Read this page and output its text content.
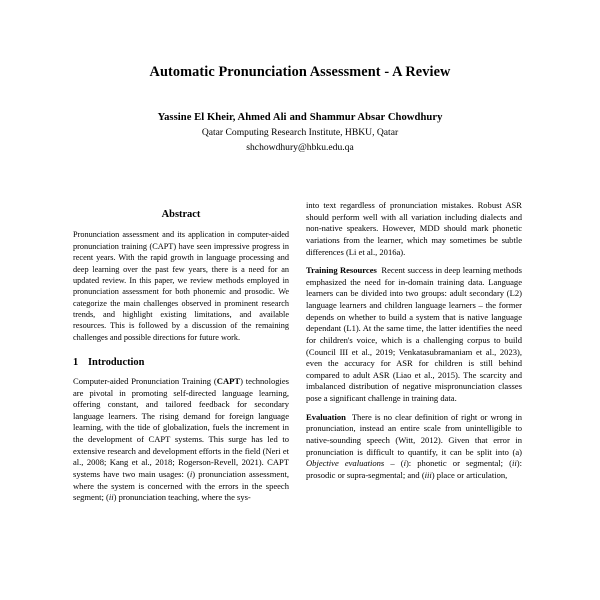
Automatic Pronunciation Assessment - A Review

Yassine El Kheir, Ahmed Ali and Shammur Absar Chowdhury

Qatar Computing Research Institute, HBKU, Qatar

shchowdhury@hbku.edu.qa

Abstract

Pronunciation assessment and its application in computer-aided pronunciation training (CAPT) have seen impressive progress in recent years. With the rapid growth in language processing and deep learning over the past few years, there is a need for an updated review. In this paper, we review methods employed in pronunciation assessment for both phonemic and prosodic. We categorize the main challenges observed in prominent research trends, and highlight existing limitations, and available resources. This is followed by a discussion of the remaining challenges and possible directions for future work.

1 Introduction

Computer-aided Pronunciation Training (CAPT) technologies are pivotal in promoting self-directed language learning, offering constant, and tailored feedback for secondary language learners. The rising demand for foreign language learning, with the tide of globalization, fuels the increment in the development of CAPT systems. This surge has led to extensive research and development efforts in the field (Neri et al., 2008; Kang et al., 2018; Rogerson-Revell, 2021). CAPT systems have two main usages: (i) pronunciation assessment, where the system is concerned with the errors in the speech segment; (ii) pronunciation teaching, where the sys-

into text regardless of pronunciation mistakes. Robust ASR should perform well with all variation including dialects and non-native speakers. However, MDD should mark phonetic variations from the learner, which may sometimes be subtle differences (Li et al., 2016a).

Training Resources Recent success in deep learning methods emphasized the need for in-domain training data. Language learners can be divided into two groups: adult secondary (L2) language learners and children language learners – the former depends on whether to build a system that is native language dependant (L1). At the same time, the latter identifies the need for children's voice, which is a challenging corpus to build (Council III et al., 2019; Venkatasubramaniam et al., 2023), even the accuracy for ASR for children is still behind compared to adult ASR (Liao et al., 2015). The scarcity and imbalanced distribution of negative mispronunciation classes pose a significant challenge in training data.

Evaluation There is no clear definition of right or wrong in pronunciation, instead an entire scale from unintelligible to native-sounding speech (Witt, 2012). Given that error in pronunciation is difficult to quantify, it can be split into (a) Objective evaluations – (i): phonetic or segmental; (ii): prosodic or supra-segmental; and (iii) place or articulation,
